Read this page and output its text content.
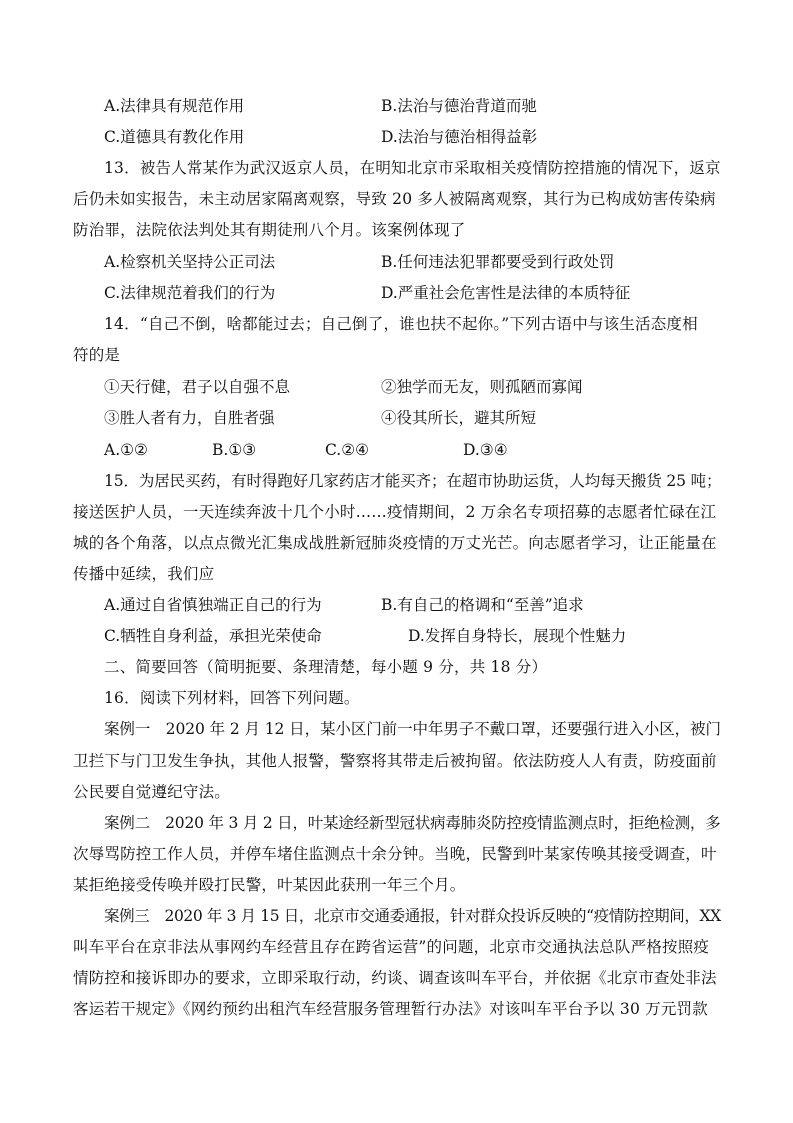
A.法律具有规范作用	B.法治与德治背道而驰
C.道德具有教化作用	D.法治与德治相得益彰
13．被告人常某作为武汉返京人员，在明知北京市采取相关疫情防控措施的情况下，返京
后仍未如实报告，未主动居家隔离观察，导致 20 多人被隔离观察，其行为已构成妨害传染病
防治罪，法院依法判处其有期徒刑八个月。该案例体现了
A.检察机关坚持公正司法	B.任何违法犯罪都要受到行政处罚
C.法律规范着我们的行为	D.严重社会危害性是法律的本质特征
14．“自己不倒，啥都能过去；自己倒了，谁也扶不起你。”下列古语中与该生活态度相
符的是
①天行健，君子以自强不息	②独学而无友，则孤陋而寡闻
③胜人者有力，自胜者强	④役其所长，避其所短
A.①②	B.①③	C.②④	D.③④
15．为居民买药，有时得跑好几家药店才能买齐；在超市协助运货，人均每天搬货 25 吨；
接送医护人员，一天连续奔波十几个小时……疫情期间，2 万余名专项招募的志愿者忙碌在江
城的各个角落，以点点微光汇集成战胜新冠肺炎疫情的万丈光芒。向志愿者学习，让正能量在
传播中延续，我们应
A.通过自省慎独端正自己的行为	B.有自己的格调和“至善”追求
C.牺牲自身利益，承担光荣使命	D.发挥自身特长，展现个性魅力
二、简要回答（简明扼要、条理清楚，每小题 9 分，共 18 分）
16．阅读下列材料，回答下列问题。
案例一　2020 年 2 月 12 日，某小区门前一中年男子不戴口罩，还要强行进入小区，被门
卫拦下与门卫发生争执，其他人报警，警察将其带走后被拘留。依法防疫人人有责，防疫面前
公民要自觉遵纪守法。
案例二　2020 年 3 月 2 日，叶某途经新型冠状病毒肺炎防控疫情监测点时，拒绝检测，多
次辱骂防控工作人员，并停车堵住监测点十余分钟。当晚，民警到叶某家传唤其接受调查，叶
某拒绝接受传唤并殴打民警，叶某因此获刑一年三个月。
案例三　2020 年 3 月 15 日，北京市交通委通报，针对群众投诉反映的“疫情防控期间，XX
叫车平台在京非法从事网约车经营且存在跨省运营”的问题，北京市交通执法总队严格按照疫
情防控和接诉即办的要求，立即采取行动，约谈、调查该叫车平台，并依据《北京市查处非法
客运若干规定》《网约预约出租汽车经营服务管理暂行办法》对该叫车平台予以 30 万元罚款
